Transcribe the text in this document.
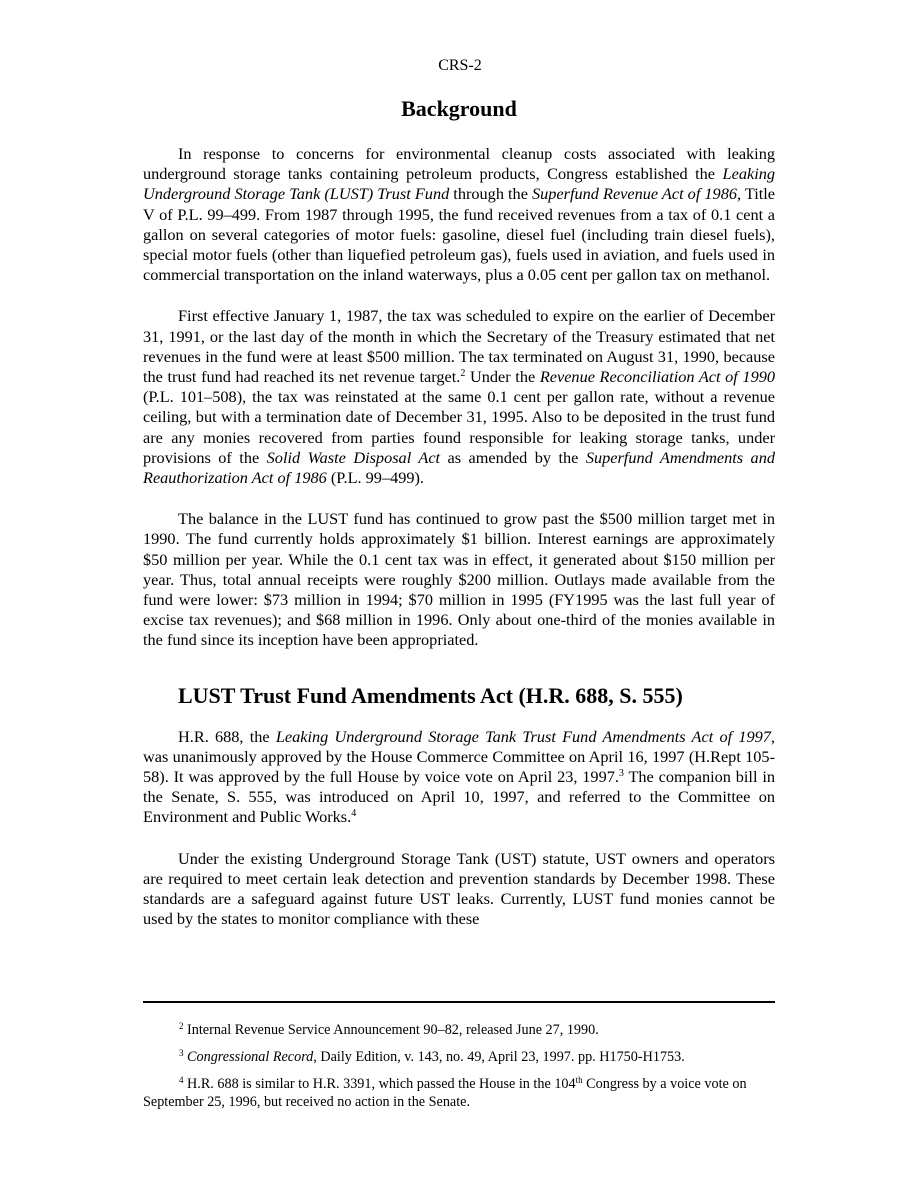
CRS-2
Background

In response to concerns for environmental cleanup costs associated with leaking underground storage tanks containing petroleum products, Congress established the Leaking Underground Storage Tank (LUST) Trust Fund through the Superfund Revenue Act of 1986, Title V of P.L. 99–499. From 1987 through 1995, the fund received revenues from a tax of 0.1 cent a gallon on several categories of motor fuels: gasoline, diesel fuel (including train diesel fuels), special motor fuels (other than liquefied petroleum gas), fuels used in aviation, and fuels used in commercial transportation on the inland waterways, plus a 0.05 cent per gallon tax on methanol.

First effective January 1, 1987, the tax was scheduled to expire on the earlier of December 31, 1991, or the last day of the month in which the Secretary of the Treasury estimated that net revenues in the fund were at least $500 million. The tax terminated on August 31, 1990, because the trust fund had reached its net revenue target.$^2$ Under the Revenue Reconciliation Act of 1990 (P.L. 101–508), the tax was reinstated at the same 0.1 cent per gallon rate, without a revenue ceiling, but with a termination date of December 31, 1995. Also to be deposited in the trust fund are any monies recovered from parties found responsible for leaking storage tanks, under provisions of the Solid Waste Disposal Act as amended by the Superfund Amendments and Reauthorization Act of 1986 (P.L. 99–499).

The balance in the LUST fund has continued to grow past the $500 million target met in 1990. The fund currently holds approximately $1 billion. Interest earnings are approximately $50 million per year. While the 0.1 cent tax was in effect, it generated about $150 million per year. Thus, total annual receipts were roughly $200 million. Outlays made available from the fund were lower: $73 million in 1994; $70 million in 1995 (FY1995 was the last full year of excise tax revenues); and $68 million in 1996. Only about one-third of the monies available in the fund since its inception have been appropriated.

LUST Trust Fund Amendments Act (H.R. 688, S. 555)

H.R. 688, the Leaking Underground Storage Tank Trust Fund Amendments Act of 1997, was unanimously approved by the House Commerce Committee on April 16, 1997 (H.Rept 105-58). It was approved by the full House by voice vote on April 23, 1997.$^3$ The companion bill in the Senate, S. 555, was introduced on April 10, 1997, and referred to the Committee on Environment and Public Works.$^4$

Under the existing Underground Storage Tank (UST) statute, UST owners and operators are required to meet certain leak detection and prevention standards by December 1998. These standards are a safeguard against future UST leaks. Currently, LUST fund monies cannot be used by the states to monitor compliance with these

$^2$ Internal Revenue Service Announcement 90–82, released June 27, 1990.

$^3$ Congressional Record, Daily Edition, v. 143, no. 49, April 23, 1997. pp. H1750-H1753.

$^4$ H.R. 688 is similar to H.R. 3391, which passed the House in the 104th Congress by a voice vote on September 25, 1996, but received no action in the Senate.
